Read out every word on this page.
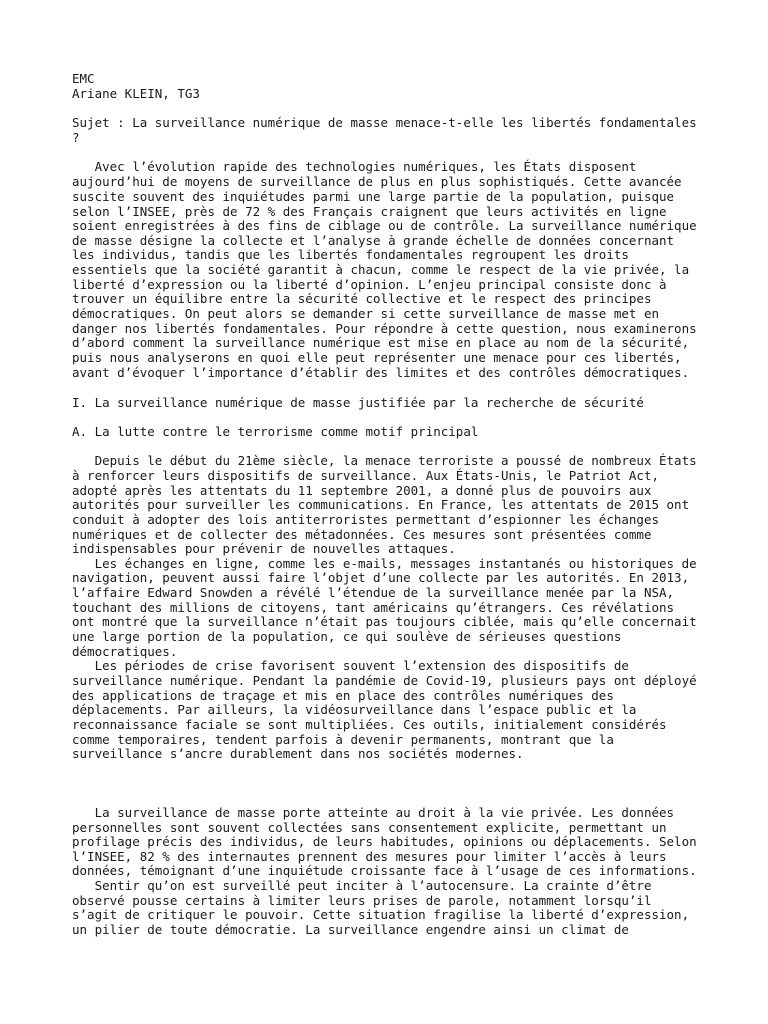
EMC
Ariane KLEIN, TG3
Sujet : La surveillance numérique de masse menace-t-elle les libertés fondamentales
?
Avec l’évolution rapide des technologies numériques, les États disposent
aujourd’hui de moyens de surveillance de plus en plus sophistiqués. Cette avancée
suscite souvent des inquiétudes parmi une large partie de la population, puisque
selon l’INSEE, près de 72 % des Français craignent que leurs activités en ligne
soient enregistrées à des fins de ciblage ou de contrôle. La surveillance numérique
de masse désigne la collecte et l’analyse à grande échelle de données concernant
les individus, tandis que les libertés fondamentales regroupent les droits
essentiels que la société garantit à chacun, comme le respect de la vie privée, la
liberté d’expression ou la liberté d’opinion. L’enjeu principal consiste donc à
trouver un équilibre entre la sécurité collective et le respect des principes
démocratiques. On peut alors se demander si cette surveillance de masse met en
danger nos libertés fondamentales. Pour répondre à cette question, nous examinerons
d’abord comment la surveillance numérique est mise en place au nom de la sécurité,
puis nous analyserons en quoi elle peut représenter une menace pour ces libertés,
avant d’évoquer l’importance d’établir des limites et des contrôles démocratiques.
I. La surveillance numérique de masse justifiée par la recherche de sécurité
A. La lutte contre le terrorisme comme motif principal
Depuis le début du 21ème siècle, la menace terroriste a poussé de nombreux États
à renforcer leurs dispositifs de surveillance. Aux États-Unis, le Patriot Act,
adopté après les attentats du 11 septembre 2001, a donné plus de pouvoirs aux
autorités pour surveiller les communications. En France, les attentats de 2015 ont
conduit à adopter des lois antiterroristes permettant d’espionner les échanges
numériques et de collecter des métadonnées. Ces mesures sont présentées comme
indispensables pour prévenir de nouvelles attaques.
Les échanges en ligne, comme les e-mails, messages instantanés ou historiques de
navigation, peuvent aussi faire l’objet d’une collecte par les autorités. En 2013,
l’affaire Edward Snowden a révélé l’étendue de la surveillance menée par la NSA,
touchant des millions de citoyens, tant américains qu’étrangers. Ces révélations
ont montré que la surveillance n’était pas toujours ciblée, mais qu’elle concernait
une large portion de la population, ce qui soulève de sérieuses questions
démocratiques.
Les périodes de crise favorisent souvent l’extension des dispositifs de
surveillance numérique. Pendant la pandémie de Covid-19, plusieurs pays ont déployé
des applications de traçage et mis en place des contrôles numériques des
déplacements. Par ailleurs, la vidéosurveillance dans l’espace public et la
reconnaissance faciale se sont multipliées. Ces outils, initialement considérés
comme temporaires, tendent parfois à devenir permanents, montrant que la
surveillance s’ancre durablement dans nos sociétés modernes.
La surveillance de masse porte atteinte au droit à la vie privée. Les données
personnelles sont souvent collectées sans consentement explicite, permettant un
profilage précis des individus, de leurs habitudes, opinions ou déplacements. Selon
l’INSEE, 82 % des internautes prennent des mesures pour limiter l’accès à leurs
données, témoignant d’une inquiétude croissante face à l’usage de ces informations.
Sentir qu’on est surveillé peut inciter à l’autocensure. La crainte d’être
observé pousse certains à limiter leurs prises de parole, notamment lorsqu’il
s’agit de critiquer le pouvoir. Cette situation fragilise la liberté d’expression,
un pilier de toute démocratie. La surveillance engendre ainsi un climat de
